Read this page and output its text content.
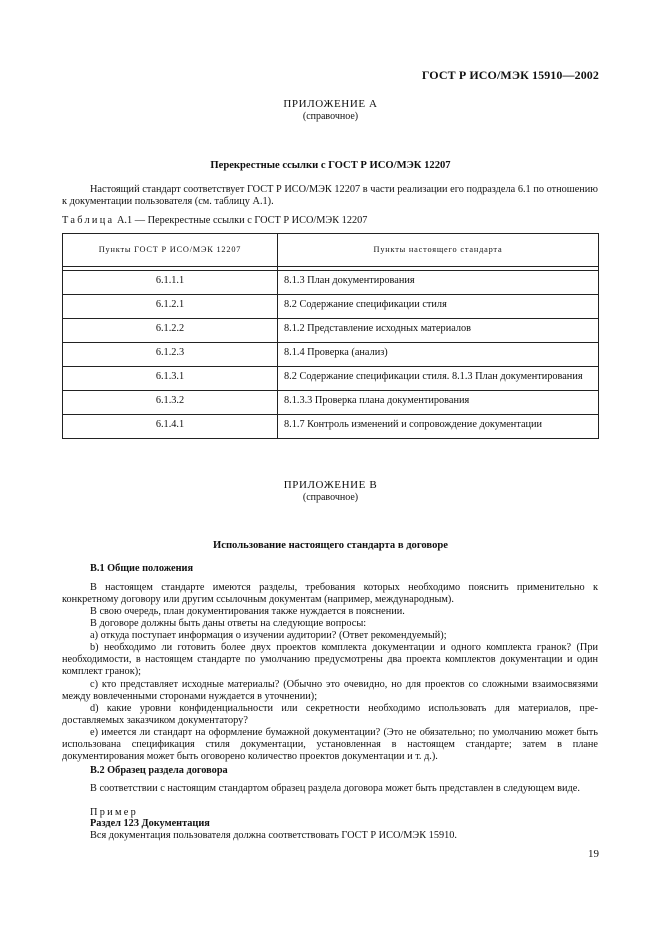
ГОСТ Р ИСО/МЭК 15910—2002
ПРИЛОЖЕНИЕ А
(справочное)
Перекрестные ссылки с ГОСТ Р ИСО/МЭК 12207
Настоящий стандарт соответствует ГОСТ Р ИСО/МЭК 12207 в части реализации его подраздела 6.1 по отношению к документации пользователя (см. таблицу А.1).
Таблица А.1 — Перекрестные ссылки с ГОСТ Р ИСО/МЭК 12207
Пункты ГОСТ Р ИСО/МЭК 12207	Пункты настоящего стандарта

6.1.1.1	8.1.3 План документирования
6.1.2.1	8.2 Содержание спецификации стиля
6.1.2.2	8.1.2 Представление исходных материалов
6.1.2.3	8.1.4 Проверка (анализ)
6.1.3.1	8.2 Содержание спецификации стиля. 8.1.3 План документирования
6.1.3.2	8.1.3.3 Проверка плана документирования
6.1.4.1	8.1.7 Контроль изменений и сопровождение документации
ПРИЛОЖЕНИЕ В
(справочное)
Использование настоящего стандарта в договоре
В.1 Общие положения
В настоящем стандарте имеются разделы, требования которых необходимо пояснить применительно к конкретному договору или другим ссылочным документам (например, международным).
В свою очередь, план документирования также нуждается в пояснении.
В договоре должны быть даны ответы на следующие вопросы:
а) откуда поступает информация о изучении аудитории? (Ответ рекомендуемый);
b) необходимо ли готовить более двух проектов комплекта документации и одного комплекта гранок? (При необходимости, в настоящем стандарте по умолчанию предусмотрены два проекта комплектов документации и один комплект гранок);
с) кто представляет исходные материалы? (Обычно это очевидно, но для проектов со сложными взаимосвязями между вовлеченными сторонами нуждается в уточнении);
d) какие уровни конфиденциальности или секретности необходимо использовать для материалов, предоставляемых заказчиком документатору?
е) имеется ли стандарт на оформление бумажной документации? (Это не обязательно; по умолчанию может быть использована спецификация стиля документации, установленная в настоящем стандарте; затем в плане документирования может быть оговорено количество проектов документации и т. д.).
В.2 Образец раздела договора
В соответствии с настоящим стандартом образец раздела договора может быть представлен в следующем виде.
Пример
Раздел 123 Документация
Вся документация пользователя должна соответствовать ГОСТ Р ИСО/МЭК 15910.
19
